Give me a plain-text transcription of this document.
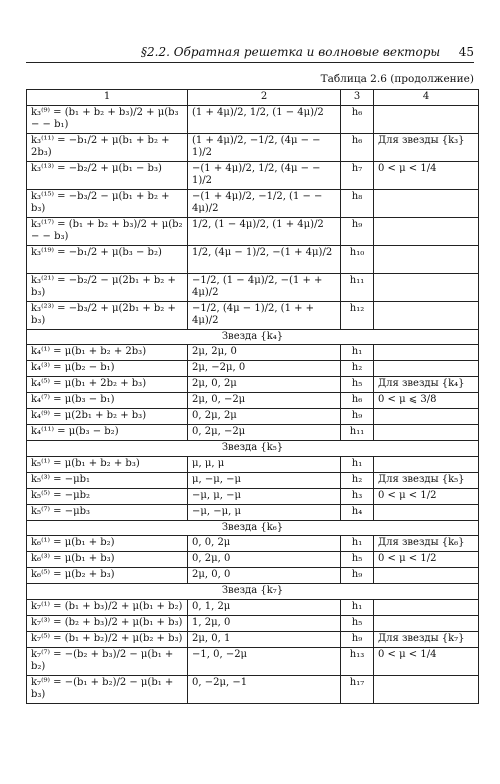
§2.2. Обратная решетка и волновые векторы 45
Таблица 2.6 (продолжение)
1	2	3	4
k₃⁽⁹⁾ = (b₁ + b₂ + b₃)/2 + μ(b₃ − − b₁)	(1 + 4μ)/2, 1/2, (1 − 4μ)/2	h₆	
k₃⁽¹¹⁾ = −b₁/2 + μ(b₁ + b₂ + 2b₃)	(1 + 4μ)/2, −1/2, (4μ − − 1)/2	h₆	Для звезды {k₃}
k₃⁽¹³⁾ = −b₂/2 + μ(b₁ − b₃)	−(1 + 4μ)/2, 1/2, (4μ − − 1)/2	h₇	0 < μ < 1/4
k₃⁽¹⁵⁾ = −b₃/2 − μ(b₁ + b₂ + b₃)	−(1 + 4μ)/2, −1/2, (1 − − 4μ)/2	h₈	
k₃⁽¹⁷⁾ = (b₁ + b₂ + b₃)/2 + μ(b₂ − − b₃)	1/2, (1 − 4μ)/2, (1 + 4μ)/2	h₉	
k₃⁽¹⁹⁾ = −b₁/2 + μ(b₃ − b₂)	1/2, (4μ − 1)/2, −(1 + 4μ)/2	h₁₀	
k₃⁽²¹⁾ = −b₂/2 − μ(2b₁ + b₂ + b₃)	−1/2, (1 − 4μ)/2, −(1 + + 4μ)/2	h₁₁	
k₃⁽²³⁾ = −b₃/2 + μ(2b₁ + b₂ + b₃)	−1/2, (4μ − 1)/2, (1 + + 4μ)/2	h₁₂	
Звезда {k₄}			
k₄⁽¹⁾ = μ(b₁ + b₂ + 2b₃)	2μ, 2μ, 0	h₁	
k₄⁽³⁾ = μ(b₂ − b₁)	2μ, −2μ, 0	h₂	
k₄⁽⁵⁾ = μ(b₁ + 2b₂ + b₃)	2μ, 0, 2μ	h₅	Для звезды {k₄}
k₄⁽⁷⁾ = μ(b₃ − b₁)	2μ, 0, −2μ	h₆	0 < μ ⩽ 3/8
k₄⁽⁹⁾ = μ(2b₁ + b₂ + b₃)	0, 2μ, 2μ	h₉	
k₄⁽¹¹⁾ = μ(b₃ − b₂)	0, 2μ, −2μ	h₁₁	
Звезда {k₅}			
k₅⁽¹⁾ = μ(b₁ + b₂ + b₃)	μ, μ, μ	h₁	
k₅⁽³⁾ = −μb₁	μ, −μ, −μ	h₂	Для звезды {k₅}
k₅⁽⁵⁾ = −μb₂	−μ, μ, −μ	h₃	0 < μ < 1/2
k₅⁽⁷⁾ = −μb₃	−μ, −μ, μ	h₄	
Звезда {k₆}			
k₆⁽¹⁾ = μ(b₁ + b₂)	0, 0, 2μ	h₁	Для звезды {k₆}
k₆⁽³⁾ = μ(b₁ + b₃)	0, 2μ, 0	h₅	0 < μ < 1/2
k₆⁽⁵⁾ = μ(b₂ + b₃)	2μ, 0, 0	h₉	
Звезда {k₇}			
k₇⁽¹⁾ = (b₁ + b₃)/2 + μ(b₁ + b₂)	0, 1, 2μ	h₁	
k₇⁽³⁾ = (b₂ + b₃)/2 + μ(b₁ + b₃)	1, 2μ, 0	h₅	
k₇⁽⁵⁾ = (b₁ + b₂)/2 + μ(b₂ + b₃)	2μ, 0, 1	h₉	Для звезды {k₇}
k₇⁽⁷⁾ = −(b₂ + b₃)/2 − μ(b₁ + b₂)	−1, 0, −2μ	h₁₃	0 < μ < 1/4
k₇⁽⁹⁾ = −(b₁ + b₂)/2 − μ(b₁ + b₃)	0, −2μ, −1	h₁₇	
